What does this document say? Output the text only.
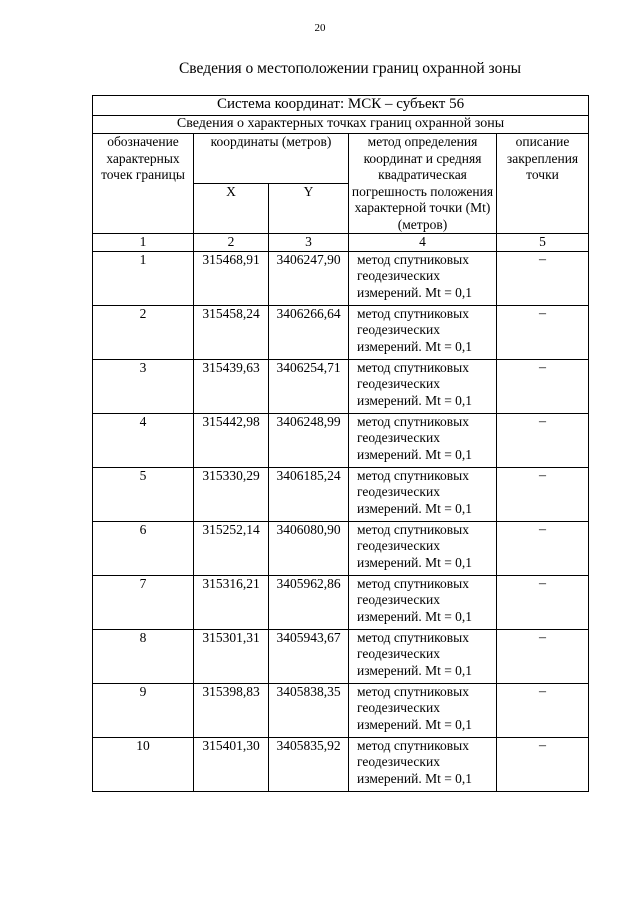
20
Сведения о местоположении границ охранной зоны
Система координат: МСК – субъект 56				
Сведения о характерных точках границ охранной зоны				
обозначение характерных точек границы	координаты (метров)		метод определения координат и средняя квадратическая погрешность положения характерной точки (Mt) (метров)	описание закрепления точки
	X	Y		
1	2	3	4	5
1	315468,91	3406247,90	метод спутниковых геодезических измерений. Mt = 0,1	–
2	315458,24	3406266,64	метод спутниковых геодезических измерений. Mt = 0,1	–
3	315439,63	3406254,71	метод спутниковых геодезических измерений. Mt = 0,1	–
4	315442,98	3406248,99	метод спутниковых геодезических измерений. Mt = 0,1	–
5	315330,29	3406185,24	метод спутниковых геодезических измерений. Mt = 0,1	–
6	315252,14	3406080,90	метод спутниковых геодезических измерений. Mt = 0,1	–
7	315316,21	3405962,86	метод спутниковых геодезических измерений. Mt = 0,1	–
8	315301,31	3405943,67	метод спутниковых геодезических измерений. Mt = 0,1	–
9	315398,83	3405838,35	метод спутниковых геодезических измерений. Mt = 0,1	–
10	315401,30	3405835,92	метод спутниковых геодезических измерений. Mt = 0,1	–
